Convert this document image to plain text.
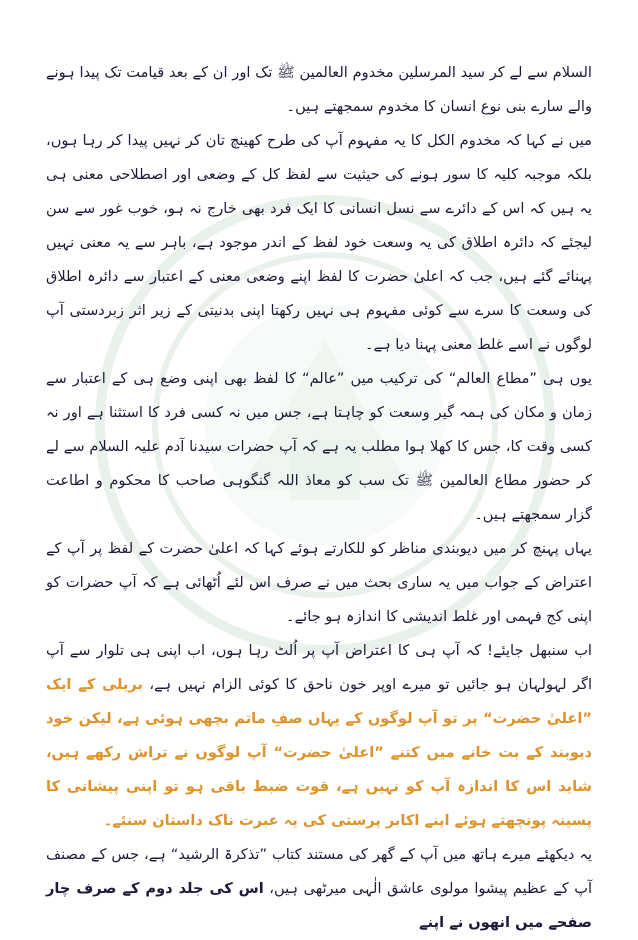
السلام سے لے کر سید المرسلین مخدوم العالمین ﷺ تک اور ان کے بعد قیامت تک پیدا ہونے والے سارے بنی نوع انسان کا مخدوم سمجھتے ہیں۔

میں نے کہا کہ مخدوم الکل کا یہ مفہوم آپ کی طرح کھینچ تان کر نہیں پیدا کر رہا ہوں، بلکہ موجبہ کلیہ کا سور ہونے کی حیثیت سے لفظ کل کے وضعی اور اصطلاحی معنی ہی یہ ہیں کہ اس کے دائرے سے نسل انسانی کا ایک فرد بھی خارج نہ ہو، خوب غور سے سن لیجئے کہ دائرہ اطلاق کی یہ وسعت خود لفظ کے اندر موجود ہے، باہر سے یہ معنی نہیں پہنائے گئے ہیں، جب کہ اعلیٰ حضرت کا لفظ اپنے وضعی معنی کے اعتبار سے دائرہ اطلاق کی وسعت کا سرے سے کوئی مفہوم ہی نہیں رکھتا اپنی بدنیتی کے زیر اثر زبردستی آپ لوگوں نے اسے غلط معنی پہنا دیا ہے۔

یوں ہی ”مطاع العالم“ کی ترکیب میں ”عالم“ کا لفظ بھی اپنی وضع ہی کے اعتبار سے زمان و مکان کی ہمہ گیر وسعت کو چاہتا ہے، جس میں نہ کسی فرد کا استثنا ہے اور نہ کسی وقت کا، جس کا کھلا ہوا مطلب یہ ہے کہ آپ حضرات سیدنا آدم علیہ السلام سے لے کر حضور مطاع العالمین ﷺ تک سب کو معاذ اللہ گنگوہی صاحب کا محکوم و اطاعت گزار سمجھتے ہیں۔

یہاں پہنچ کر میں دیوبندی مناظر کو للکارتے ہوئے کہا کہ اعلیٰ حضرت کے لفظ پر آپ کے اعتراض کے جواب میں یہ ساری بحث میں نے صرف اس لئے اُٹھائی ہے کہ آپ حضرات کو اپنی کج فہمی اور غلط اندیشی کا اندازہ ہو جائے۔

اب سنبھل جایئے! کہ آپ ہی کا اعتراض آپ پر اُلٹ رہا ہوں، اب اپنی ہی تلوار سے آپ اگر لہولہان ہو جائیں تو میرے اوپر خون ناحق کا کوئی الزام نہیں ہے، بریلی کے ایک ”اعلیٰ حضرت“ پر تو آپ لوگوں کے یہاں صفِ ماتم بچھی ہوئی ہے، لیکن خود دیوبند کے بت خانے میں کتنے ”اعلیٰ حضرت“ آپ لوگوں نے تراش رکھے ہیں، شاید اس کا اندازہ آپ کو نہیں ہے، قوت ضبط باقی ہو تو اپنی پیشانی کا پسینہ پونچھتے ہوئے اپنے اکابر پرستی کی یہ عبرت ناک داستان سنئے۔

یہ دیکھئے میرے ہاتھ میں آپ کے گھر کی مستند کتاب ”تذکرۃ الرشید“ ہے، جس کے مصنف آپ کے عظیم پیشوا مولوی عاشق الٰہی میرٹھی ہیں، اس کی جلد دوم کے صرف چار صفحے میں انھوں نے اپنے
